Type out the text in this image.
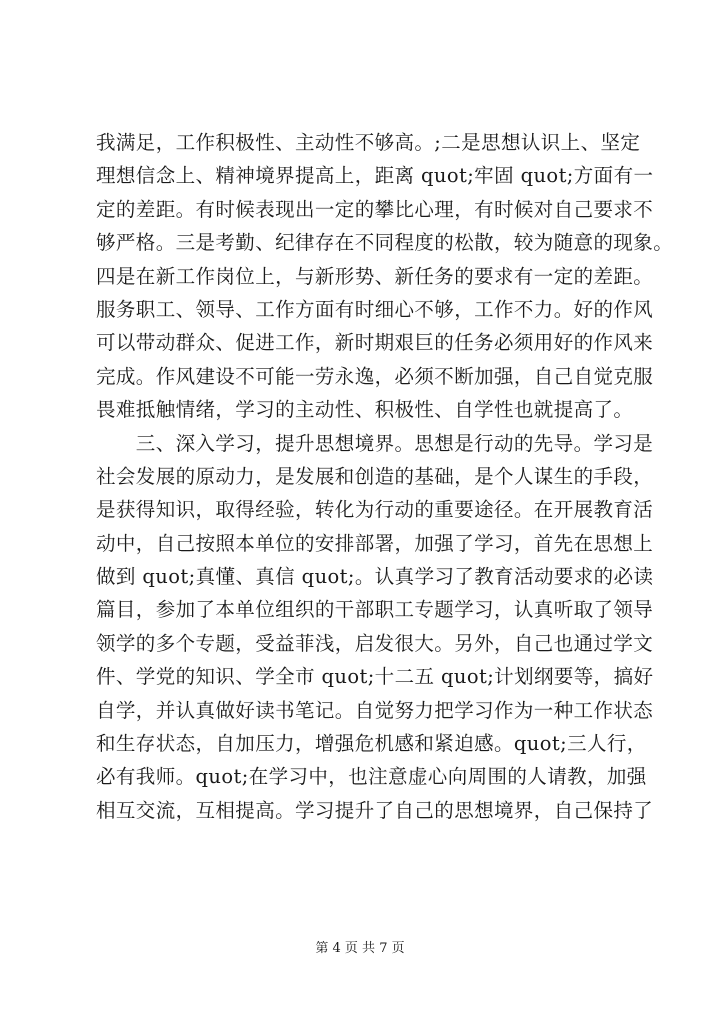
我满足，工作积极性、主动性不够高。;二是思想认识上、坚定
理想信念上、精神境界提高上，距离 quot;牢固 quot;方面有一
定的差距。有时候表现出一定的攀比心理，有时候对自己要求不
够严格。三是考勤、纪律存在不同程度的松散，较为随意的现象。
四是在新工作岗位上，与新形势、新任务的要求有一定的差距。
服务职工、领导、工作方面有时细心不够，工作不力。好的作风
可以带动群众、促进工作，新时期艰巨的任务必须用好的作风来
完成。作风建设不可能一劳永逸，必须不断加强，自己自觉克服
畏难抵触情绪，学习的主动性、积极性、自学性也就提高了。
　　三、深入学习，提升思想境界。思想是行动的先导。学习是
社会发展的原动力，是发展和创造的基础，是个人谋生的手段，
是获得知识，取得经验，转化为行动的重要途径。在开展教育活
动中，自己按照本单位的安排部署，加强了学习，首先在思想上
做到 quot;真懂、真信 quot;。认真学习了教育活动要求的必读
篇目，参加了本单位组织的干部职工专题学习，认真听取了领导
领学的多个专题，受益菲浅，启发很大。另外，自己也通过学文
件、学党的知识、学全市 quot;十二五 quot;计划纲要等，搞好
自学，并认真做好读书笔记。自觉努力把学习作为一种工作状态
和生存状态，自加压力，增强危机感和紧迫感。quot;三人行，
必有我师。quot;在学习中，也注意虚心向周围的人请教，加强
相互交流，互相提高。学习提升了自己的思想境界，自己保持了
第 4 页 共 7 页
